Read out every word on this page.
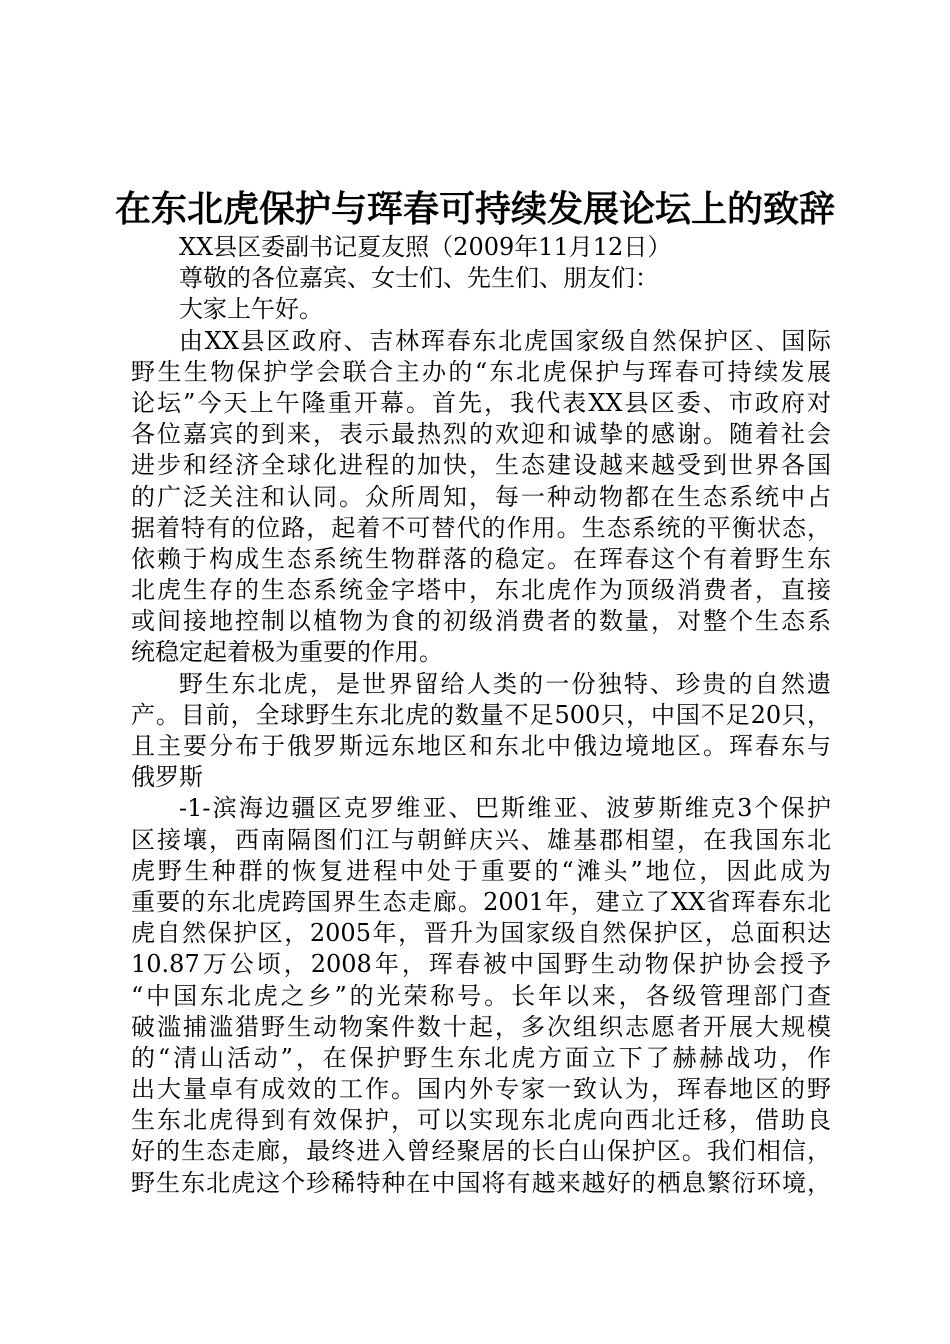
在东北虎保护与珲春可持续发展论坛上的致辞
XX县区委副书记夏友照（2009年11月12日）
尊敬的各位嘉宾、女士们、先生们、朋友们：
大家上午好。
由XX县区政府、吉林珲春东北虎国家级自然保护区、国际
野生生物保护学会联合主办的“东北虎保护与珲春可持续发展
论坛”今天上午隆重开幕。首先，我代表XX县区委、市政府对
各位嘉宾的到来，表示最热烈的欢迎和诚挚的感谢。随着社会
进步和经济全球化进程的加快，生态建设越来越受到世界各国
的广泛关注和认同。众所周知，每一种动物都在生态系统中占
据着特有的位路，起着不可替代的作用。生态系统的平衡状态，
依赖于构成生态系统生物群落的稳定。在珲春这个有着野生东
北虎生存的生态系统金字塔中，东北虎作为顶级消费者，直接
或间接地控制以植物为食的初级消费者的数量，对整个生态系
统稳定起着极为重要的作用。
野生东北虎，是世界留给人类的一份独特、珍贵的自然遗
产。目前，全球野生东北虎的数量不足500只，中国不足20只，
且主要分布于俄罗斯远东地区和东北中俄边境地区。珲春东与
俄罗斯
-1-滨海边疆区克罗维亚、巴斯维亚、波萝斯维克3个保护
区接壤，西南隔图们江与朝鲜庆兴、雄基郡相望，在我国东北
虎野生种群的恢复进程中处于重要的“滩头”地位，因此成为
重要的东北虎跨国界生态走廊。2001年，建立了XX省珲春东北
虎自然保护区，2005年，晋升为国家级自然保护区，总面积达
10.87万公顷，2008年，珲春被中国野生动物保护协会授予
“中国东北虎之乡”的光荣称号。长年以来，各级管理部门查
破滥捕滥猎野生动物案件数十起，多次组织志愿者开展大规模
的“清山活动”，在保护野生东北虎方面立下了赫赫战功，作
出大量卓有成效的工作。国内外专家一致认为，珲春地区的野
生东北虎得到有效保护，可以实现东北虎向西北迁移，借助良
好的生态走廊，最终进入曾经聚居的长白山保护区。我们相信，
野生东北虎这个珍稀特种在中国将有越来越好的栖息繁衍环境，
